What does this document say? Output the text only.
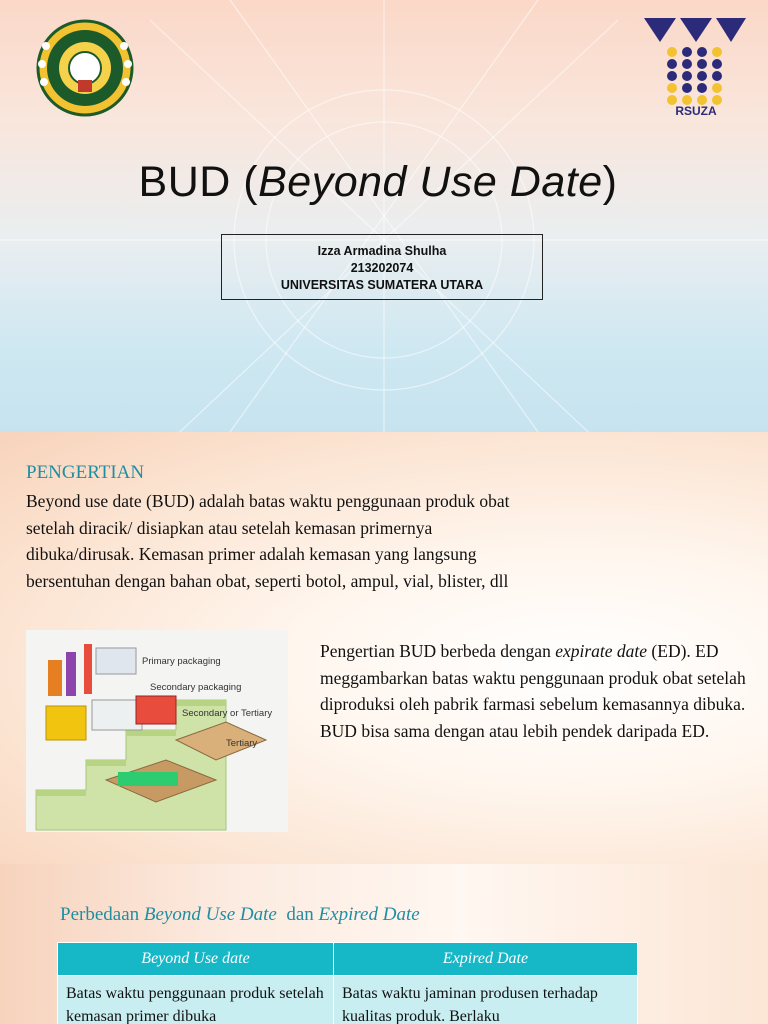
RSUZA
BUD (Beyond Use Date)
Izza Armadina Shulha
213202074
UNIVERSITAS SUMATERA UTARA
PENGERTIAN
Beyond use date (BUD) adalah batas waktu penggunaan produk obat setelah diracik/ disiapkan atau setelah kemasan primernya dibuka/dirusak. Kemasan primer adalah kemasan yang langsung bersentuhan dengan bahan obat, seperti botol, ampul, vial, blister, dll
Primary packaging
Secondary packaging
Secondary or Tertiary
Tertiary
Pengertian BUD berbeda dengan expirate date (ED). ED meggambarkan batas waktu penggunaan produk obat setelah diproduksi oleh pabrik farmasi sebelum kemasannya dibuka. BUD bisa sama dengan atau lebih pendek daripada ED.
Perbedaan Beyond Use Date  dan Expired Date
Beyond Use date	Expired Date
Batas waktu penggunaan produk setelah kemasan primer dibuka	Batas waktu jaminan produsen terhadap kualitas produk. Berlaku
